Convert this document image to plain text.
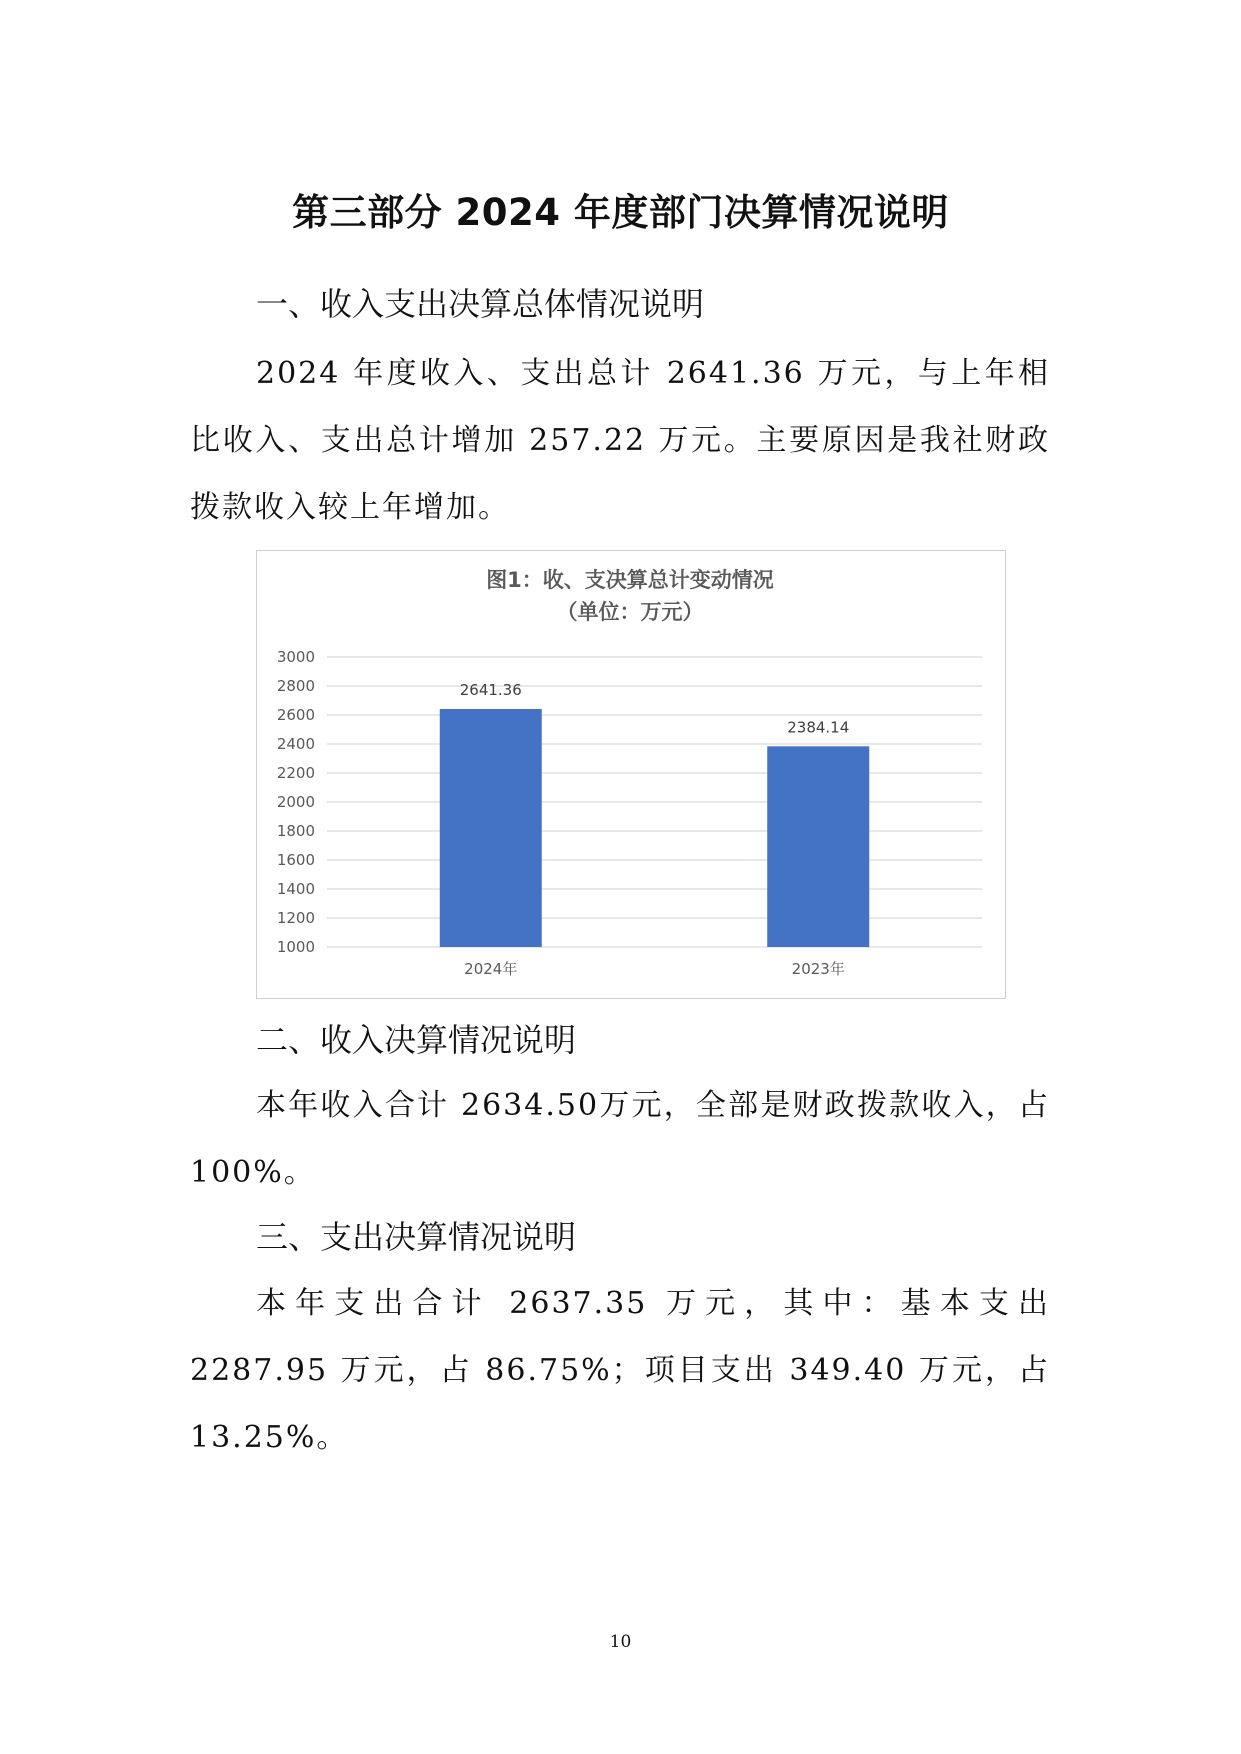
第三部分 2024 年度部门决算情况说明
一、收入支出决算总体情况说明
2024 年度收入、支出总计 2641.36 万元，与上年相比收入、支出总计增加 257.22 万元。主要原因是我社财政拨款收入较上年增加。
图1：收、支决算总计变动情况
（单位：万元）
1000
1200
1400
1600
1800
2000
2200
2400
2600
2800
3000
2641.36
2024年
2384.14
2023年
二、收入决算情况说明
本年收入合计 2634.50万元，全部是财政拨款收入，占100%。
三、支出决算情况说明
本年支出合计 2637.35 万元，其中：基本支出 2287.95 万元，占 86.75%；项目支出 349.40 万元，占 13.25%。
10
